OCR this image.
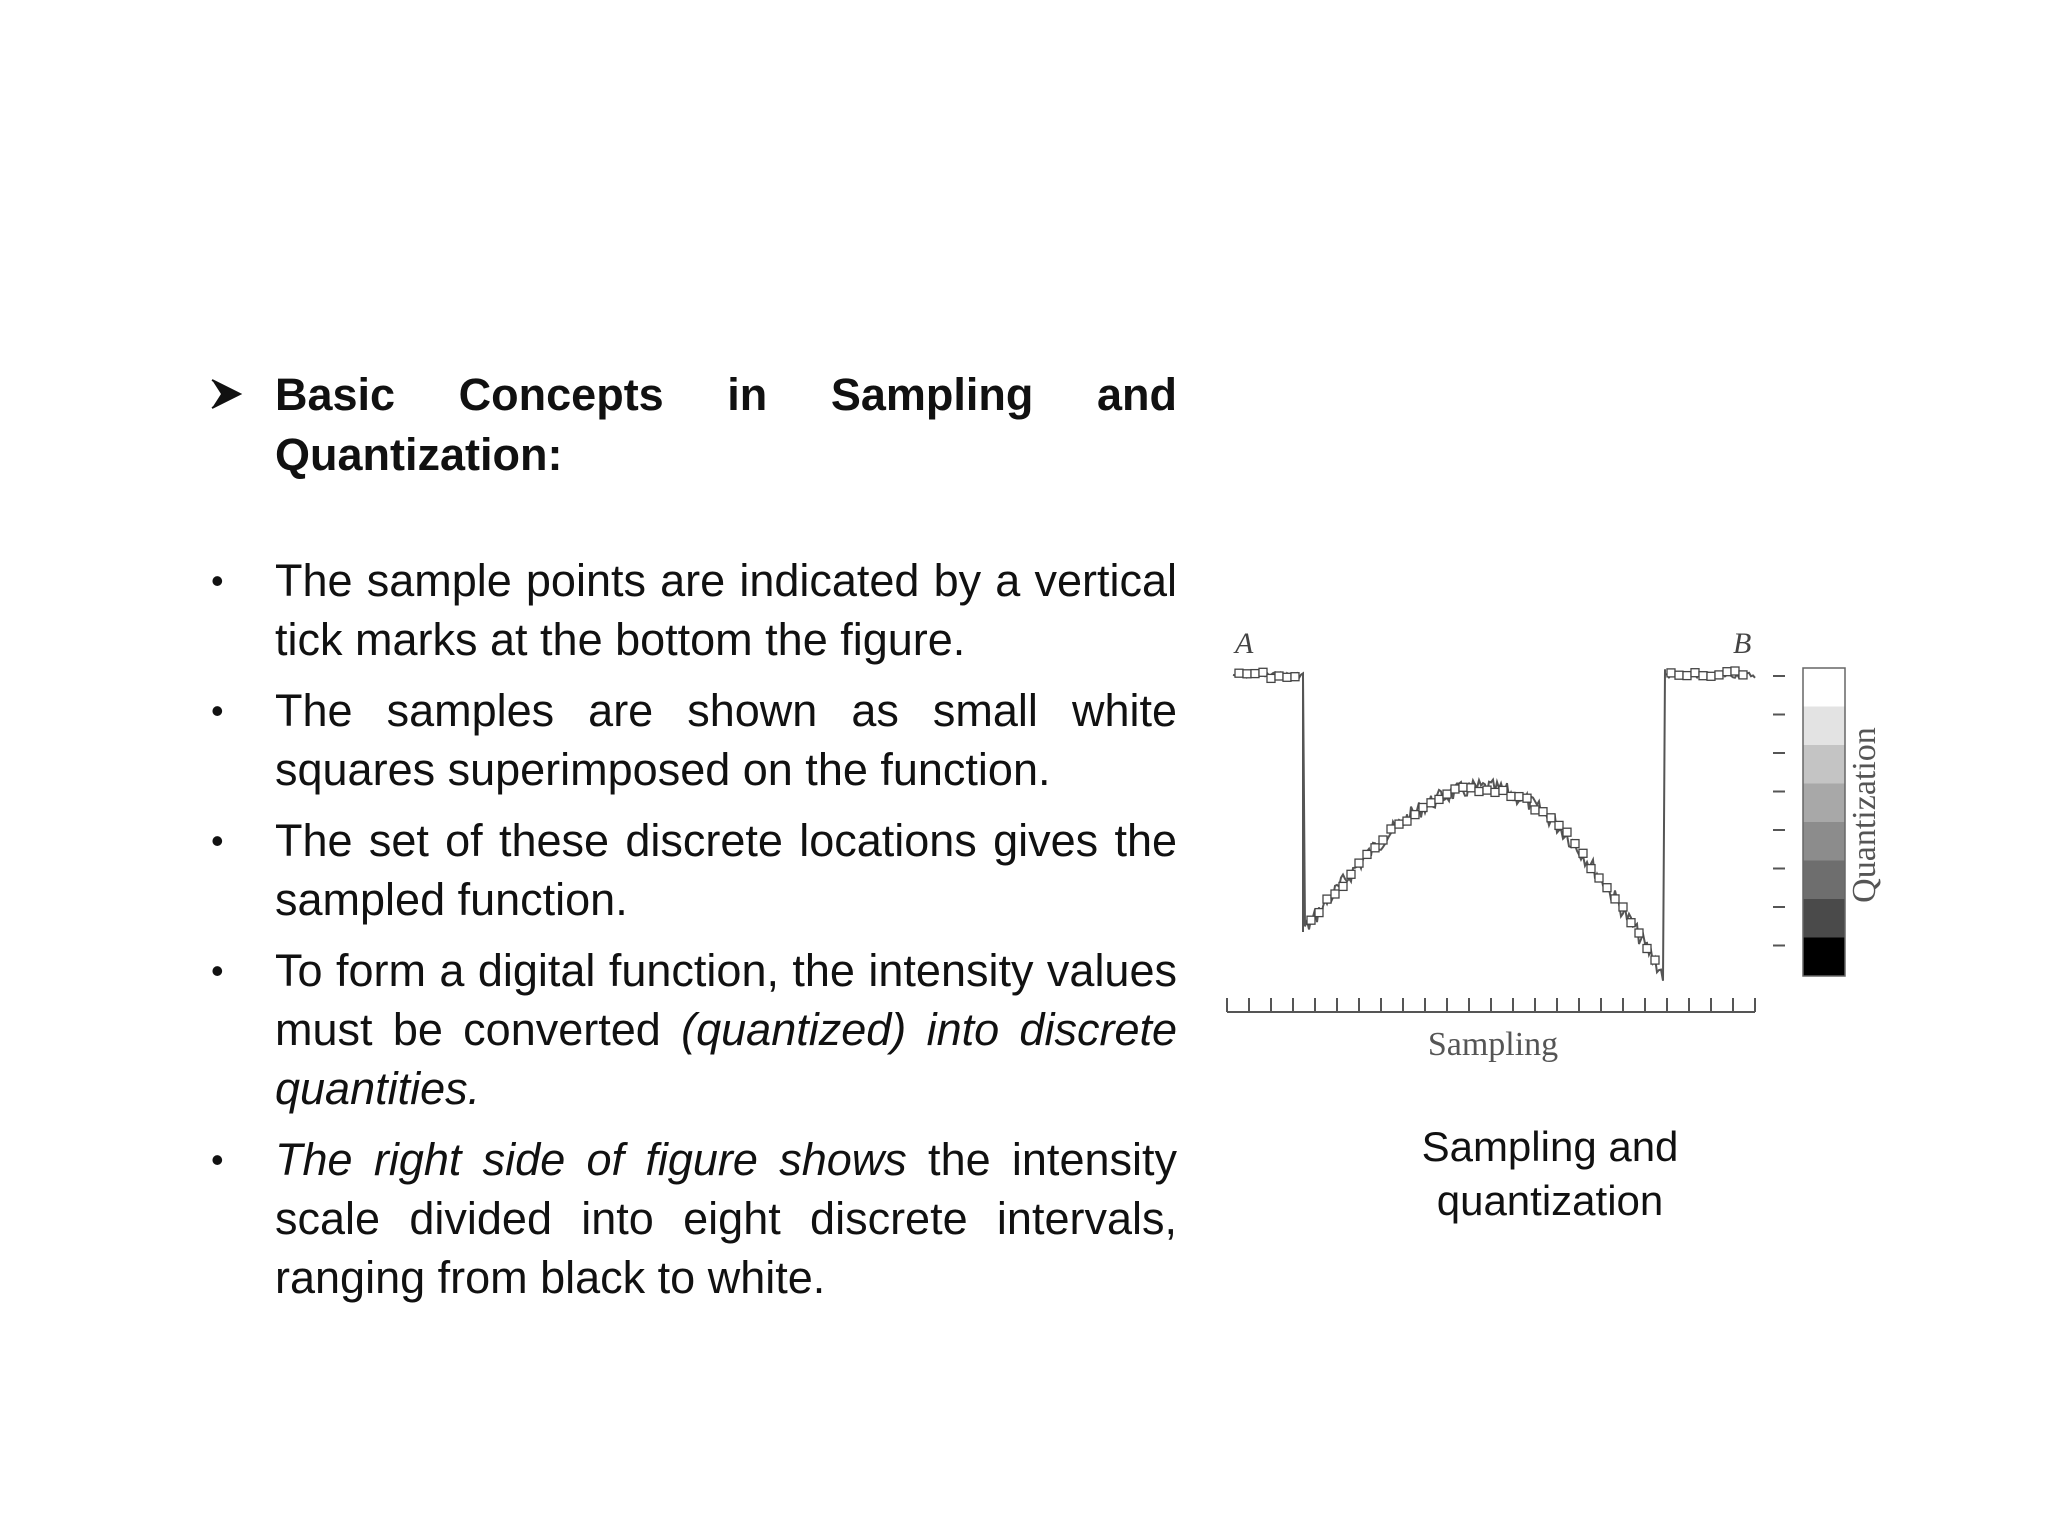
Basic Concepts in Sampling and Quantization:

• The sample points are indicated by a vertical tick marks at the bottom the figure.
• The samples are shown as small white squares superimposed on the function.
• The set of these discrete locations gives the sampled function.
• To form a digital function, the intensity values must be converted (quantized) into discrete quantities.
• The right side of figure shows the intensity scale divided into eight discrete intervals, ranging from black to white.
A	B
Sampling
Quantization
Sampling and quantization
